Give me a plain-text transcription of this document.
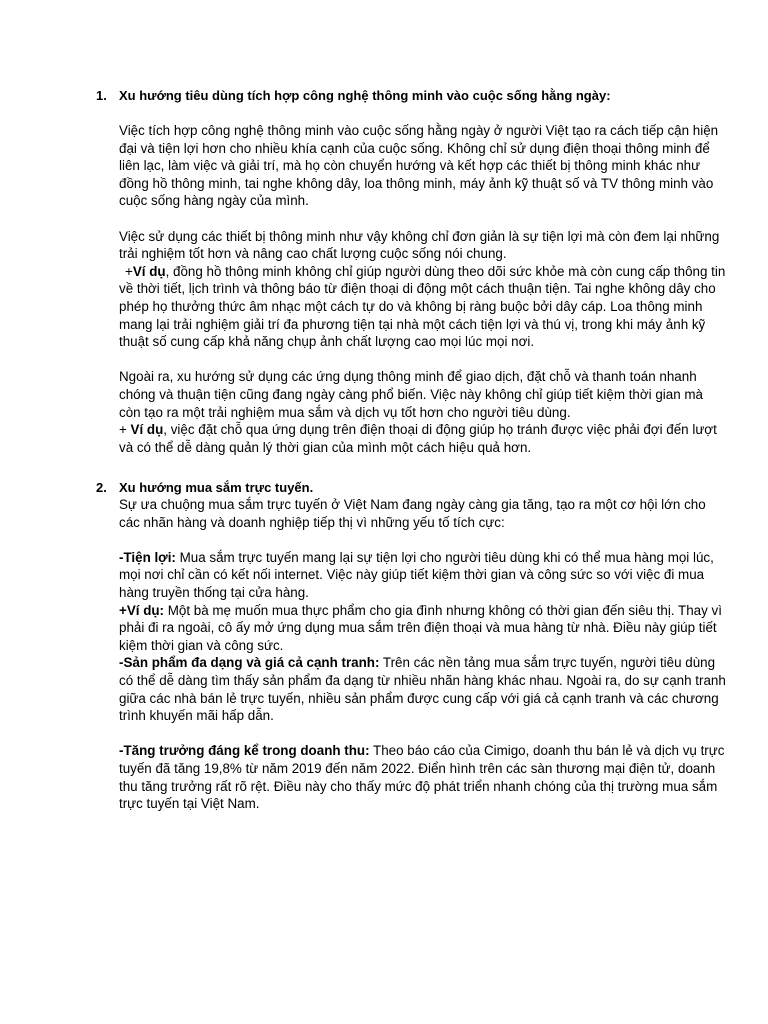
1. Xu hướng tiêu dùng tích hợp công nghệ thông minh vào cuộc sống hằng ngày:

Việc tích hợp công nghệ thông minh vào cuộc sống hằng ngày ở người Việt tạo ra cách tiếp cận hiện đại và tiện lợi hơn cho nhiều khía cạnh của cuộc sống. Không chỉ sử dụng điện thoại thông minh để liên lạc, làm việc và giải trí, mà họ còn chuyển hướng và kết hợp các thiết bị thông minh khác như đồng hồ thông minh, tai nghe không dây, loa thông minh, máy ảnh kỹ thuật số và TV thông minh vào cuộc sống hàng ngày của mình.

Việc sử dụng các thiết bị thông minh như vậy không chỉ đơn giản là sự tiện lợi mà còn đem lại những trải nghiệm tốt hơn và nâng cao chất lượng cuộc sống nói chung.

+Ví dụ, đồng hồ thông minh không chỉ giúp người dùng theo dõi sức khỏe mà còn cung cấp thông tin về thời tiết, lịch trình và thông báo từ điện thoại di động một cách thuận tiện. Tai nghe không dây cho phép họ thưởng thức âm nhạc một cách tự do và không bị ràng buộc bởi dây cáp. Loa thông minh mang lại trải nghiệm giải trí đa phương tiện tại nhà một cách tiện lợi và thú vị, trong khi máy ảnh kỹ thuật số cung cấp khả năng chụp ảnh chất lượng cao mọi lúc mọi nơi.

Ngoài ra, xu hướng sử dụng các ứng dụng thông minh để giao dịch, đặt chỗ và thanh toán nhanh chóng và thuận tiện cũng đang ngày càng phổ biến. Việc này không chỉ giúp tiết kiệm thời gian mà còn tạo ra một trải nghiệm mua sắm và dịch vụ tốt hơn cho người tiêu dùng.

+ Ví dụ, việc đặt chỗ qua ứng dụng trên điện thoại di động giúp họ tránh được việc phải đợi đến lượt và có thể dễ dàng quản lý thời gian của mình một cách hiệu quả hơn.

2. Xu hướng mua sắm trực tuyến.

Sự ưa chuộng mua sắm trực tuyến ở Việt Nam đang ngày càng gia tăng, tạo ra một cơ hội lớn cho các nhãn hàng và doanh nghiệp tiếp thị vì những yếu tố tích cực:

-Tiện lợi: Mua sắm trực tuyến mang lại sự tiện lợi cho người tiêu dùng khi có thể mua hàng mọi lúc, mọi nơi chỉ cần có kết nối internet. Việc này giúp tiết kiệm thời gian và công sức so với việc đi mua hàng truyền thống tại cửa hàng.

+Ví dụ: Một bà mẹ muốn mua thực phẩm cho gia đình nhưng không có thời gian đến siêu thị. Thay vì phải đi ra ngoài, cô ấy mở ứng dụng mua sắm trên điện thoại và mua hàng từ nhà. Điều này giúp tiết kiệm thời gian và công sức.

-Sản phẩm đa dạng và giá cả cạnh tranh: Trên các nền tảng mua sắm trực tuyến, người tiêu dùng có thể dễ dàng tìm thấy sản phẩm đa dạng từ nhiều nhãn hàng khác nhau. Ngoài ra, do sự cạnh tranh giữa các nhà bán lẻ trực tuyến, nhiều sản phẩm được cung cấp với giá cả cạnh tranh và các chương trình khuyến mãi hấp dẫn.

-Tăng trưởng đáng kể trong doanh thu: Theo báo cáo của Cimigo, doanh thu bán lẻ và dịch vụ trực tuyến đã tăng 19,8% từ năm 2019 đến năm 2022. Điển hình trên các sàn thương mại điện tử, doanh thu tăng trưởng rất rõ rệt. Điều này cho thấy mức độ phát triển nhanh chóng của thị trường mua sắm trực tuyến tại Việt Nam.
